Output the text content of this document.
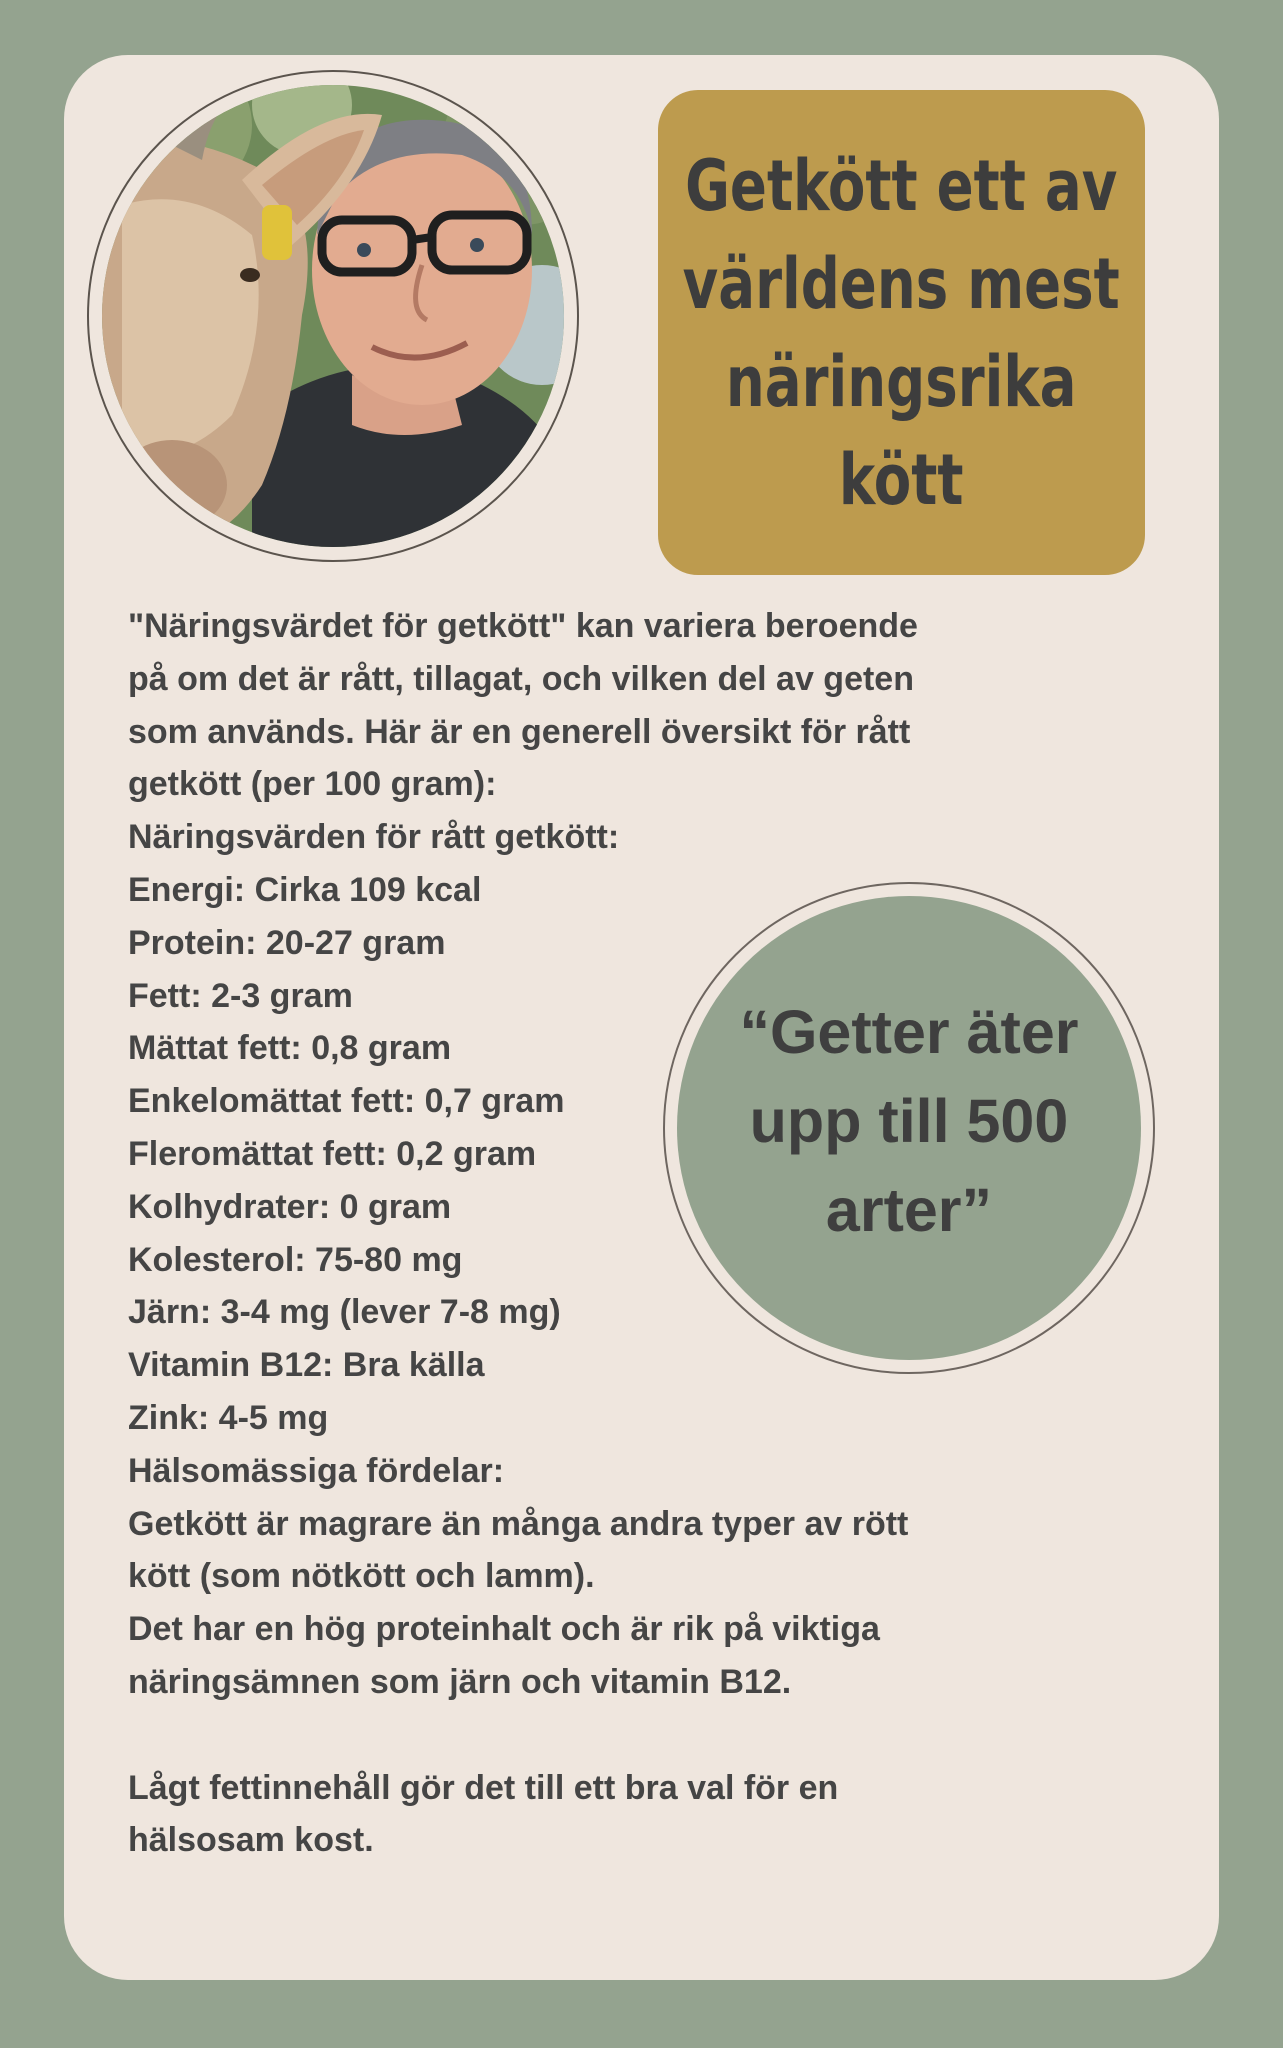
Getkött ett av
världens mest
näringsrika
kött
"Näringsvärdet för getkött" kan variera beroende
på om det är rått, tillagat, och vilken del av geten
som används. Här är en generell översikt för rått
getkött (per 100 gram):
Näringsvärden för rått getkött:
Energi: Cirka 109 kcal
Protein: 20-27 gram
Fett: 2-3 gram
Mättat fett: 0,8 gram
Enkelomättat fett: 0,7 gram
Fleromättat fett: 0,2 gram
Kolhydrater: 0 gram
Kolesterol: 75-80 mg
Järn: 3-4 mg (lever 7-8 mg)
Vitamin B12: Bra källa
Zink: 4-5 mg
Hälsomässiga fördelar:
Getkött är magrare än många andra typer av rött
kött (som nötkött och lamm).
Det har en hög proteinhalt och är rik på viktiga
näringsämnen som järn och vitamin B12.
Lågt fettinnehåll gör det till ett bra val för en
hälsosam kost.
“Getter äter
upp till 500
arter”
